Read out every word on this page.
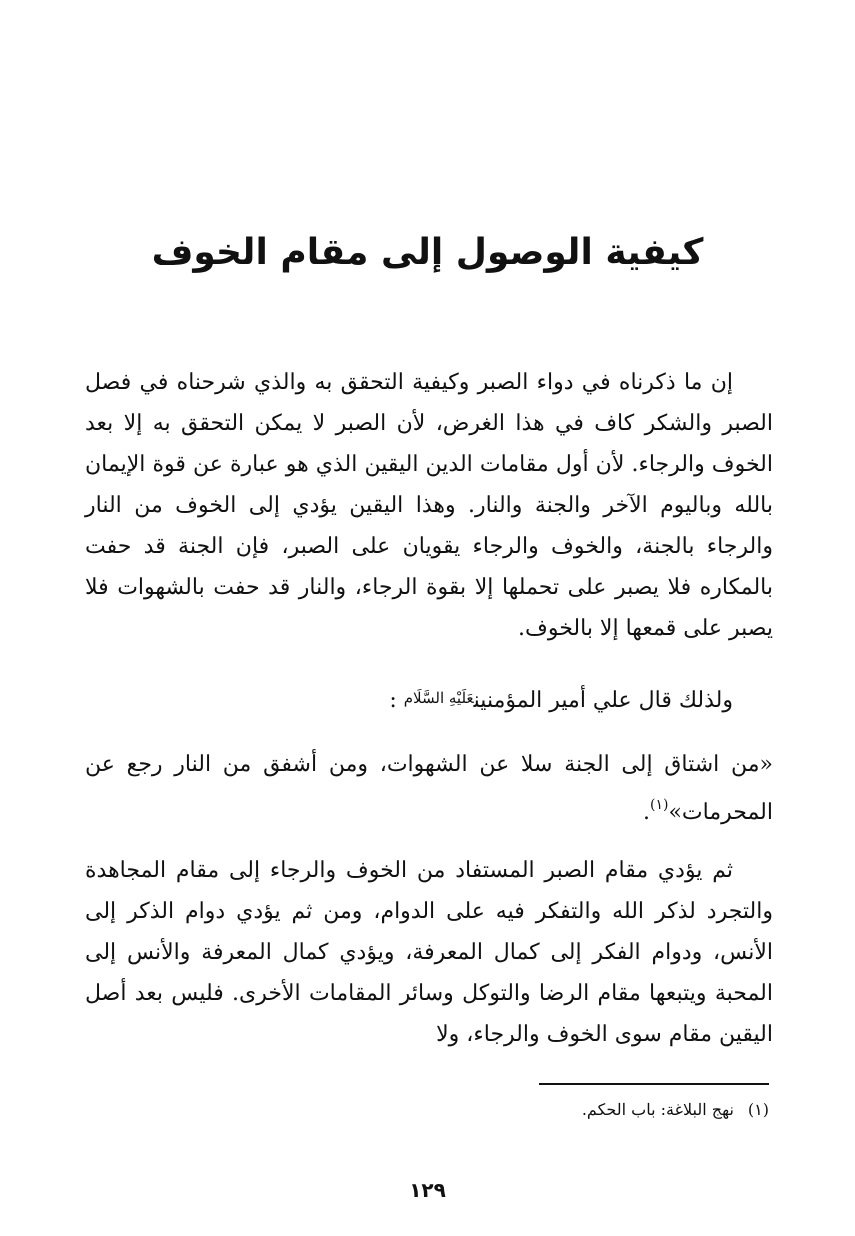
كيفية الوصول إلى مقام الخوف

إن ما ذكرناه في دواء الصبر وكيفية التحقق به والذي شرحناه في فصل الصبر والشكر كاف في هذا الغرض، لأن الصبر لا يمكن التحقق به إلا بعد الخوف والرجاء. لأن أول مقامات الدين اليقين الذي هو عبارة عن قوة الإيمان بالله وباليوم الآخر والجنة والنار. وهذا اليقين يؤدي إلى الخوف من النار والرجاء بالجنة، والخوف والرجاء يقويان على الصبر، فإن الجنة قد حفت بالمكاره فلا يصبر على تحملها إلا بقوة الرجاء، والنار قد حفت بالشهوات فلا يصبر على قمعها إلا بالخوف.

ولذلك قال علي أمير المؤمنينعَلَيْهِ السَّلَام :

«من اشتاق إلى الجنة سلا عن الشهوات، ومن أشفق من النار رجع عن المحرمات»$^{(١)}$.

ثم يؤدي مقام الصبر المستفاد من الخوف والرجاء إلى مقام المجاهدة والتجرد لذكر الله والتفكر فيه على الدوام، ومن ثم يؤدي دوام الذكر إلى الأنس، ودوام الفكر إلى كمال المعرفة، ويؤدي كمال المعرفة والأنس إلى المحبة ويتبعها مقام الرضا والتوكل وسائر المقامات الأخرى. فليس بعد أصل اليقين مقام سوى الخوف والرجاء، ولا

(١)نهج البلاغة: باب الحكم.

١٢٩
